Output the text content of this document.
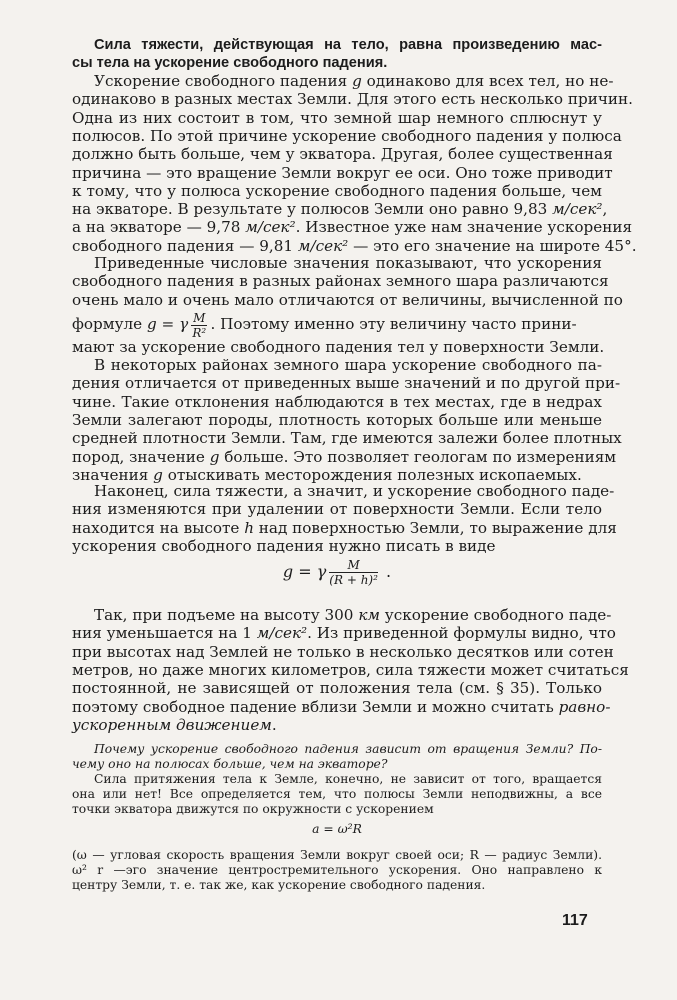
Сила тяжести, действующая на тело, равна произведению мас-
сы тела на ускорение свободного падения.
Ускорение свободного падения g одинаково для всех тел, но не-
одинаково в разных местах Земли. Для этого есть несколько причин.
Одна из них состоит в том, что земной шар немного сплюснут у
полюсов. По этой причине ускорение свободного падения у полюса
должно быть больше, чем у экватора. Другая, более существенная
причина — это вращение Земли вокруг ее оси. Оно тоже приводит
к тому, что у полюса ускорение свободного падения больше, чем
на экваторе. В результате у полюсов Земли оно равно 9,83 м/сек²,
а на экваторе — 9,78 м/сек². Известное уже нам значение ускорения
свободного падения — 9,81 м/сек² — это его значение на широте 45°.
Приведенные числовые значения показывают, что ускорения
свободного падения в разных районах земного шара различаются
очень мало и очень мало отличаются от величины, вычисленной по
формуле g = γ $\frac{M}{\text{R²}}$ . Поэтому именно эту величину часто прини-
мают за ускорение свободного падения тел у поверхности Земли.
В некоторых районах земного шара ускорение свободного па-
дения отличается от приведенных выше значений и по другой при-
чине. Такие отклонения наблюдаются в тех местах, где в недрах
Земли залегают породы, плотность которых больше или меньше
средней плотности Земли. Там, где имеются залежи более плотных
пород, значение g больше. Это позволяет геологам по измерениям
значения g отыскивать месторождения полезных ископаемых.
Наконец, сила тяжести, а значит, и ускорение свободного паде-
ния изменяются при удалении от поверхности Земли. Если тело
находится на высоте h над поверхностью Земли, то выражение для
ускорения свободного падения нужно писать в виде
g = γ $\frac{M}{\text{(R + h)²}}$ .
Так, при подъеме на высоту 300 км ускорение свободного паде-
ния уменьшается на 1 м/сек². Из приведенной формулы видно, что
при высотах над Землей не только в несколько десятков или сотен
метров, но даже многих километров, сила тяжести может считаться
постоянной, не зависящей от положения тела (см. § 35). Только
поэтому свободное падение вблизи Земли и можно считать равно-
ускоренным движением.
Почему ускорение свободного падения зависит от вращения Земли? По-
чему оно на полюсах больше, чем на экваторе?
Сила притяжения тела к Земле, конечно, не зависит от того, вращается
она или нет! Все определяется тем, что полюсы Земли неподвижны, а все
точки экватора движутся по окружности с ускорением
a = ω²R
(ω — угловая скорость вращения Земли вокруг своей оси; R — радиус Земли).
ω² r —эго значение центростремительного ускорения. Оно направлено к
центру Земли, т. е. так же, как ускорение свободного падения.
117
